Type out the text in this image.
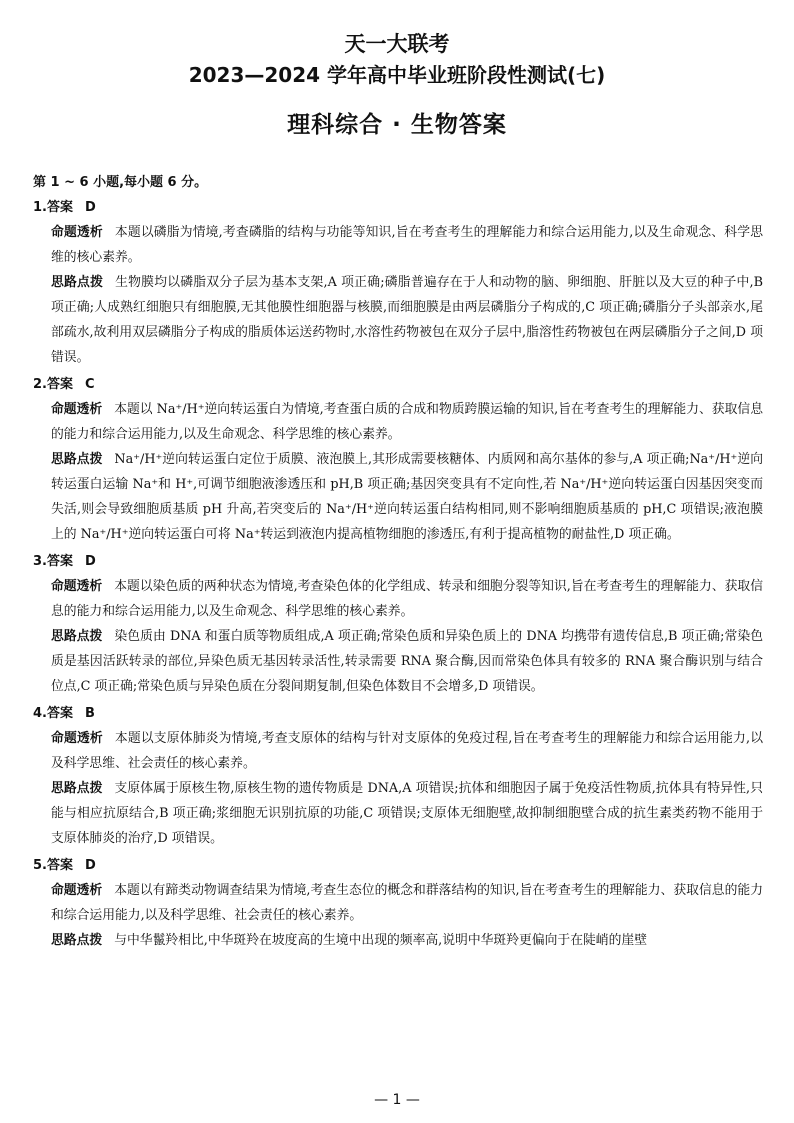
天一大联考
2023—2024 学年高中毕业班阶段性测试(七)
理科综合 · 生物答案
第 1 ~ 6 小题,每小题 6 分。
1.答案 D
命题透析 本题以磷脂为情境,考查磷脂的结构与功能等知识,旨在考查考生的理解能力和综合运用能力,以及生命观念、科学思维的核心素养。
思路点拨 生物膜均以磷脂双分子层为基本支架,A 项正确;磷脂普遍存在于人和动物的脑、卵细胞、肝脏以及大豆的种子中,B 项正确;人成熟红细胞只有细胞膜,无其他膜性细胞器与核膜,而细胞膜是由两层磷脂分子构成的,C 项正确;磷脂分子头部亲水,尾部疏水,故利用双层磷脂分子构成的脂质体运送药物时,水溶性药物被包在双分子层中,脂溶性药物被包在两层磷脂分子之间,D 项错误。
2.答案 C
命题透析 本题以 Na⁺/H⁺逆向转运蛋白为情境,考查蛋白质的合成和物质跨膜运输的知识,旨在考查考生的理解能力、获取信息的能力和综合运用能力,以及生命观念、科学思维的核心素养。
思路点拨 Na⁺/H⁺逆向转运蛋白定位于质膜、液泡膜上,其形成需要核糖体、内质网和高尔基体的参与,A 项正确;Na⁺/H⁺逆向转运蛋白运输 Na⁺和 H⁺,可调节细胞液渗透压和 pH,B 项正确;基因突变具有不定向性,若 Na⁺/H⁺逆向转运蛋白因基因突变而失活,则会导致细胞质基质 pH 升高,若突变后的 Na⁺/H⁺逆向转运蛋白结构相同,则不影响细胞质基质的 pH,C 项错误;液泡膜上的 Na⁺/H⁺逆向转运蛋白可将 Na⁺转运到液泡内提高植物细胞的渗透压,有利于提高植物的耐盐性,D 项正确。
3.答案 D
命题透析 本题以染色质的两种状态为情境,考查染色体的化学组成、转录和细胞分裂等知识,旨在考查考生的理解能力、获取信息的能力和综合运用能力,以及生命观念、科学思维的核心素养。
思路点拨 染色质由 DNA 和蛋白质等物质组成,A 项正确;常染色质和异染色质上的 DNA 均携带有遗传信息,B 项正确;常染色质是基因活跃转录的部位,异染色质无基因转录活性,转录需要 RNA 聚合酶,因而常染色体具有较多的 RNA 聚合酶识别与结合位点,C 项正确;常染色质与异染色质在分裂间期复制,但染色体数目不会增多,D 项错误。
4.答案 B
命题透析 本题以支原体肺炎为情境,考查支原体的结构与针对支原体的免疫过程,旨在考查考生的理解能力和综合运用能力,以及科学思维、社会责任的核心素养。
思路点拨 支原体属于原核生物,原核生物的遗传物质是 DNA,A 项错误;抗体和细胞因子属于免疫活性物质,抗体具有特异性,只能与相应抗原结合,B 项正确;浆细胞无识别抗原的功能,C 项错误;支原体无细胞壁,故抑制细胞壁合成的抗生素类药物不能用于支原体肺炎的治疗,D 项错误。
5.答案 D
命题透析 本题以有蹄类动物调查结果为情境,考查生态位的概念和群落结构的知识,旨在考查考生的理解能力、获取信息的能力和综合运用能力,以及科学思维、社会责任的核心素养。
思路点拨 与中华鬣羚相比,中华斑羚在坡度高的生境中出现的频率高,说明中华斑羚更偏向于在陡峭的崖壁
— 1 —
